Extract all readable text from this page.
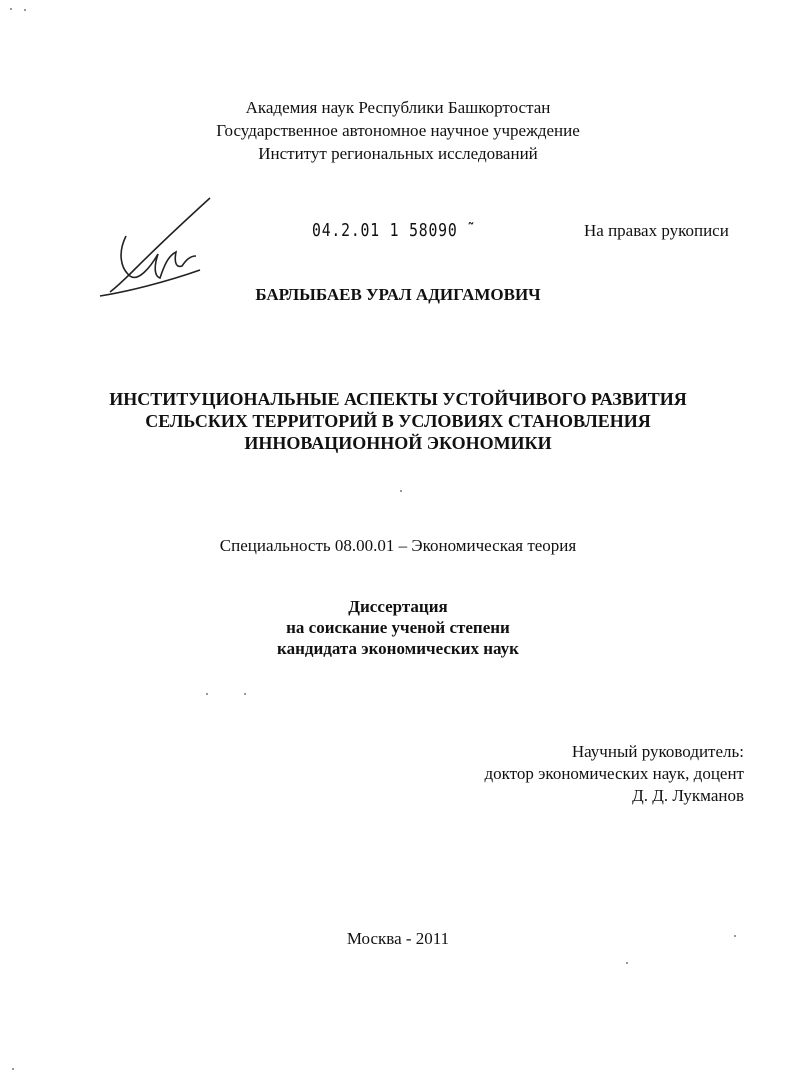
Академия наук Республики Башкортостан
Государственное автономное научное учреждение
Институт региональных исследований
04.2.01 1 58090 ̃	На правах рукописи
БАРЛЫБАЕВ УРАЛ АДИГАМОВИЧ
ИНСТИТУЦИОНАЛЬНЫЕ АСПЕКТЫ УСТОЙЧИВОГО РАЗВИТИЯ
СЕЛЬСКИХ ТЕРРИТОРИЙ В УСЛОВИЯХ СТАНОВЛЕНИЯ
ИННОВАЦИОННОЙ ЭКОНОМИКИ
Специальность 08.00.01 – Экономическая теория
Диссертация
на соискание ученой степени
кандидата экономических наук
Научный руководитель:
доктор экономических наук, доцент
Д. Д. Лукманов
Москва - 2011
